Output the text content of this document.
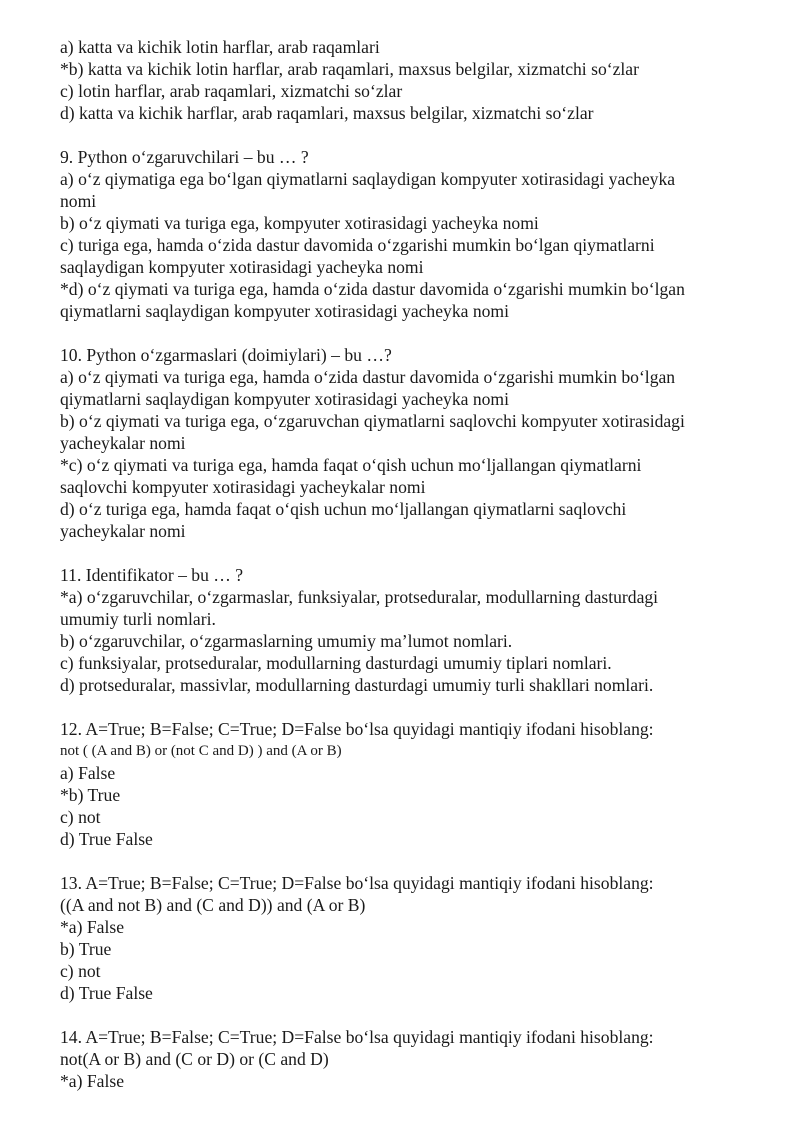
a) katta va kichik lotin harflar, arab raqamlari

*b) katta va kichik lotin harflar, arab raqamlari, maxsus belgilar, xizmatchi so‘zlar

c) lotin harflar, arab raqamlari, xizmatchi so‘zlar

d) katta va kichik harflar, arab raqamlari, maxsus belgilar, xizmatchi so‘zlar

9. Python o‘zgaruvchilari – bu … ?

a) o‘z qiymatiga ega bo‘lgan qiymatlarni saqlaydigan kompyuter xotirasidagi yacheyka

nomi

b) o‘z qiymati va turiga ega, kompyuter xotirasidagi yacheyka nomi

c) turiga ega, hamda o‘zida dastur davomida o‘zgarishi mumkin bo‘lgan qiymatlarni

saqlaydigan kompyuter xotirasidagi yacheyka nomi

*d) o‘z qiymati va turiga ega, hamda o‘zida dastur davomida o‘zgarishi mumkin bo‘lgan

qiymatlarni saqlaydigan kompyuter xotirasidagi yacheyka nomi

10. Python o‘zgarmaslari (doimiylari) – bu …?

a) o‘z qiymati va turiga ega, hamda o‘zida dastur davomida o‘zgarishi mumkin bo‘lgan

qiymatlarni saqlaydigan kompyuter xotirasidagi yacheyka nomi

b) o‘z qiymati va turiga ega, o‘zgaruvchan qiymatlarni saqlovchi kompyuter xotirasidagi

yacheykalar nomi

*c) o‘z qiymati va turiga ega, hamda faqat o‘qish uchun mo‘ljallangan qiymatlarni

saqlovchi kompyuter xotirasidagi yacheykalar nomi

d) o‘z turiga ega, hamda faqat o‘qish uchun mo‘ljallangan qiymatlarni saqlovchi

yacheykalar nomi

11. Identifikator – bu … ?

*a) o‘zgaruvchilar, o‘zgarmaslar, funksiyalar, protseduralar, modullarning dasturdagi

umumiy turli nomlari.

b) o‘zgaruvchilar, o‘zgarmaslarning umumiy ma’lumot nomlari.

c) funksiyalar, protseduralar, modullarning dasturdagi umumiy tiplari nomlari.

d) protseduralar, massivlar, modullarning dasturdagi umumiy turli shakllari nomlari.

12. A=True; B=False; C=True; D=False bo‘lsa quyidagi mantiqiy ifodani hisoblang:

not ( (A and B) or (not C and D) ) and (A or B)

a) False

*b) True

c) not

d) True False

13. A=True; B=False; C=True; D=False bo‘lsa quyidagi mantiqiy ifodani hisoblang:

((A and not B) and (C and D)) and (A or B)

*a) False

b) True

c) not

d) True False

14. A=True; B=False; C=True; D=False bo‘lsa quyidagi mantiqiy ifodani hisoblang:

not(A or B) and (C or D) or (C and D)

*a) False
